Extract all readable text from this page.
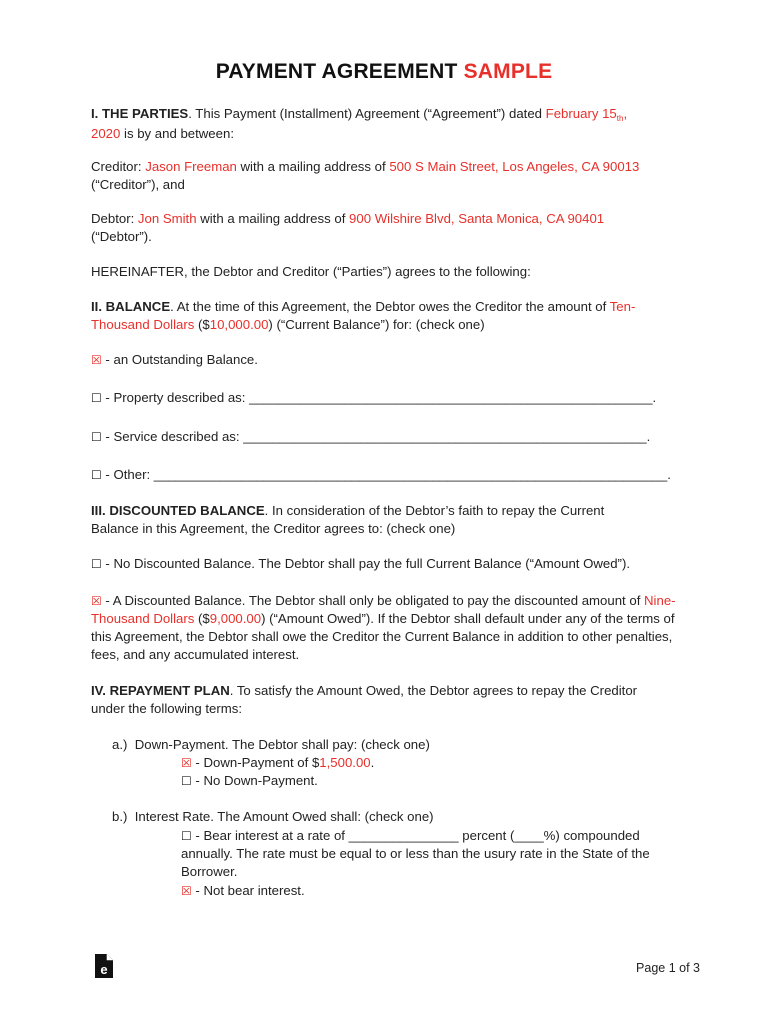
PAYMENT AGREEMENT SAMPLE

I. THE PARTIES. This Payment (Installment) Agreement (“Agreement”) dated February $15_{th}$,
2020 is by and between:

Creditor: Jason Freeman with a mailing address of 500 S Main Street, Los Angeles, CA 90013
(“Creditor”), and

Debtor: Jon Smith with a mailing address of 900 Wilshire Blvd, Santa Monica, CA 90401
(“Debtor”).

HEREINAFTER, the Debtor and Creditor (“Parties”) agrees to the following:

II. BALANCE. At the time of this Agreement, the Debtor owes the Creditor the amount of Ten-
Thousand Dollars ($10,000.00) (“Current Balance”) for: (check one)

☒ - an Outstanding Balance.

☐ - Property described as: _______________________________________________________.

☐ - Service described as: _______________________________________________________.

☐ - Other: ______________________________________________________________________.

III. DISCOUNTED BALANCE. In consideration of the Debtor’s faith to repay the Current Balance in this Agreement, the Creditor agrees to: (check one)

☐ - No Discounted Balance. The Debtor shall pay the full Current Balance (“Amount Owed”).

☒ - A Discounted Balance. The Debtor shall only be obligated to pay the discounted amount of Nine-Thousand Dollars ($9,000.00) (“Amount Owed”). If the Debtor shall default under any of the terms of this Agreement, the Debtor shall owe the Creditor the Current Balance in addition to other penalties, fees, and any accumulated interest.

IV. REPAYMENT PLAN. To satisfy the Amount Owed, the Debtor agrees to repay the Creditor under the following terms:

a.) Down-Payment. The Debtor shall pay: (check one)

☒ - Down-Payment of $1,500.00.

☐ - No Down-Payment.

b.) Interest Rate. The Amount Owed shall: (check one)

☐ - Bear interest at a rate of _______________ percent (____%) compounded annually. The rate must be equal to or less than the usury rate in the State of the Borrower.

☒ - Not bear interest.

e	Page 1 of 3
